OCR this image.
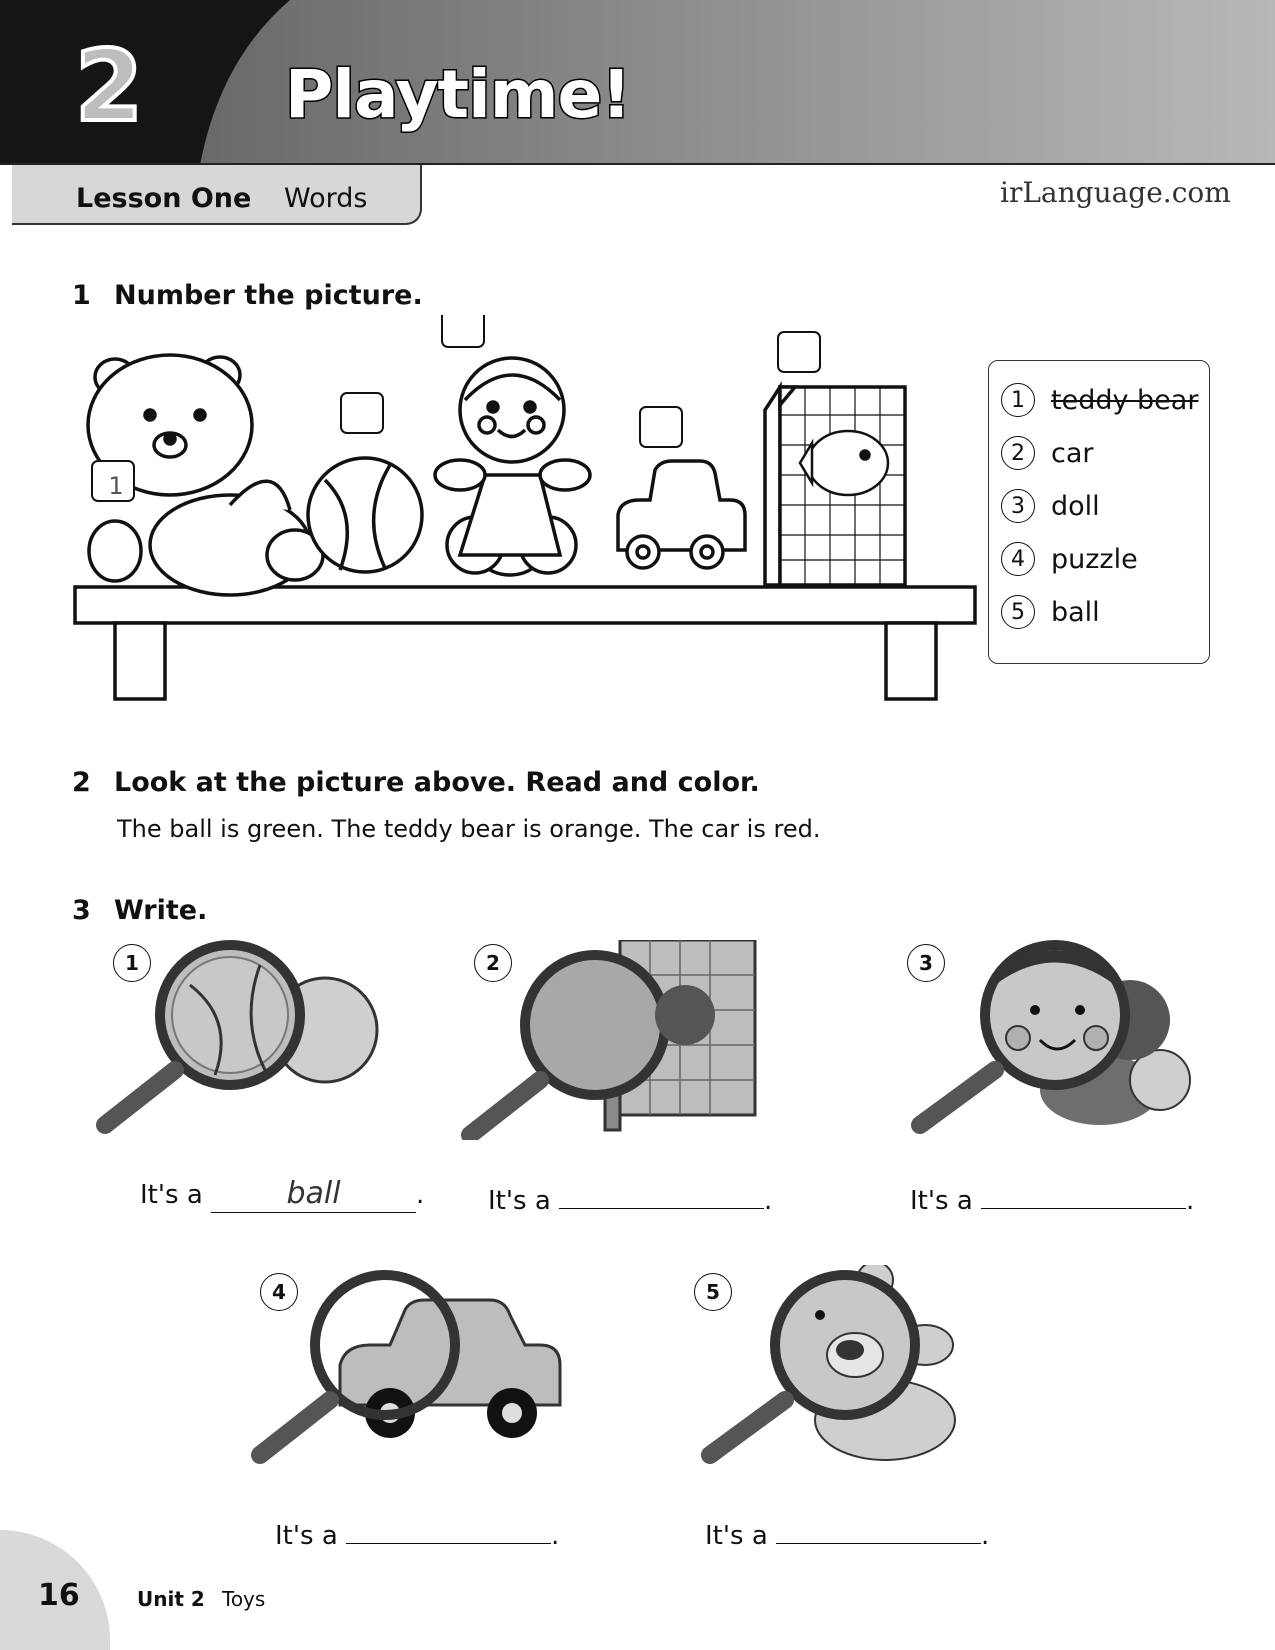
2 Playtime!
Lesson One Words	irLanguage.com
1 Number the picture.
1
1 teddy bear
2 car
3 doll
4 puzzle
5 ball
2 Look at the picture above. Read and color.
The ball is green. The teddy bear is orange. The car is red.
3 Write.
1	2	3
4	5
It's a	ball	. It's a	.	It's a	.
It's a	.	It's a	.
16	Unit 2 Toys
